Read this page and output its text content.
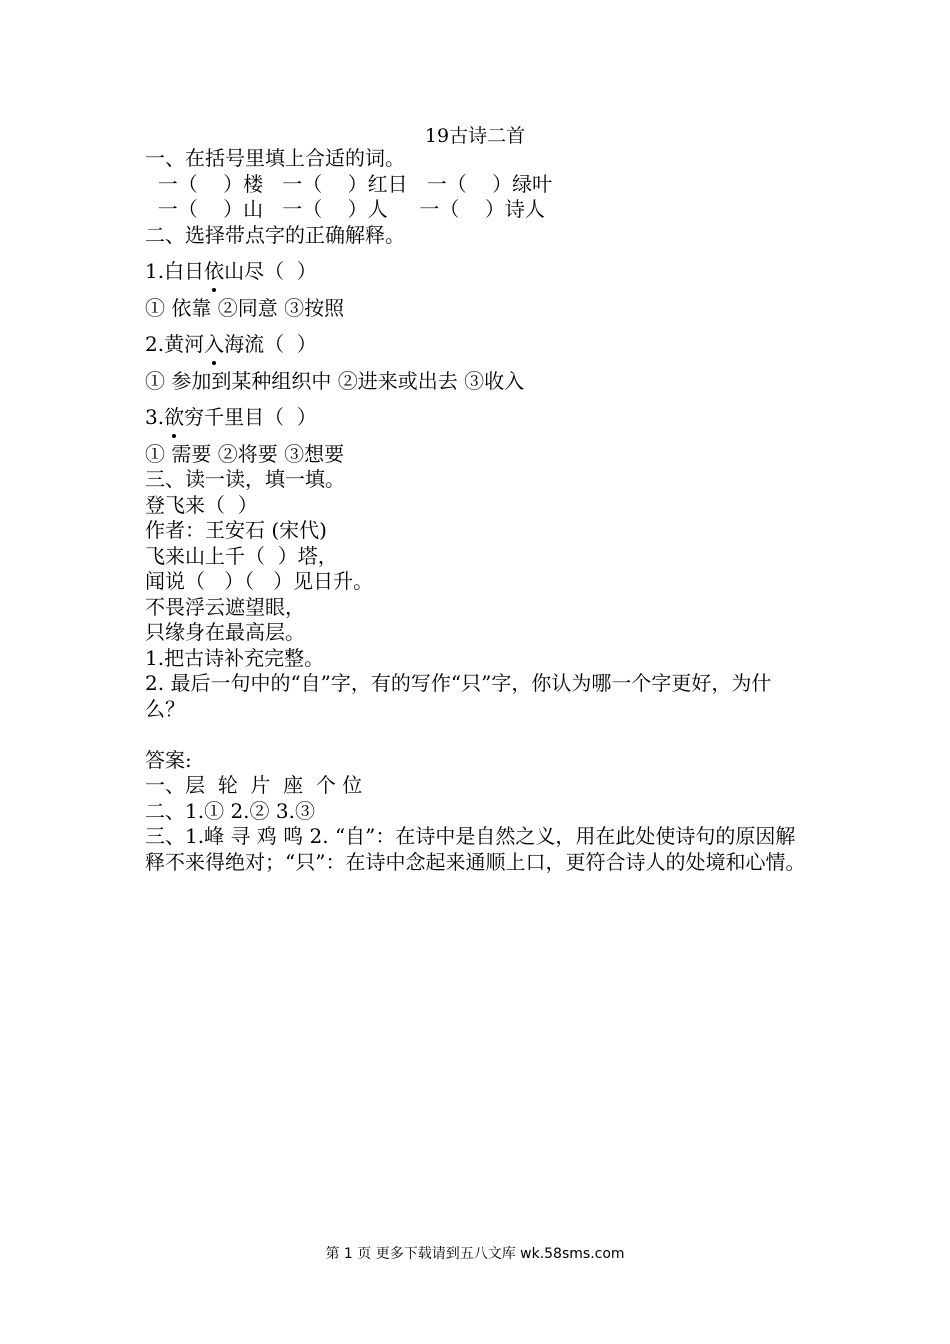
19古诗二首
一、在括号里填上合适的词。
一（    ）楼   一（    ）红日   一（    ）绿叶
一（    ）山   一（    ）人     一（    ）诗人
二、选择带点字的正确解释。
1.白日依山尽（  ）
① 依靠 ②同意 ③按照
2.黄河入海流（  ）
① 参加到某种组织中 ②进来或出去 ③收入
3.欲穷千里目（  ）
① 需要 ②将要 ③想要
三、读一读，填一填。
登飞来（  ）
作者：王安石 (宋代)
飞来山上千（  ）塔，
闻说（   ）（   ）见日升。
不畏浮云遮望眼，
只缘身在最高层。
1.把古诗补充完整。
2. 最后一句中的“自”字，有的写作“只”字，你认为哪一个字更好，为什么？
答案:
一、层  轮  片  座  个 位
二、1.① 2.② 3.③
三、1.峰 寻 鸡 鸣 2. “自”：在诗中是自然之义，用在此处使诗句的原因解释不来得绝对；“只”：在诗中念起来通顺上口，更符合诗人的处境和心情。
第 1 页 更多下载请到五八文库 wk.58sms.com
